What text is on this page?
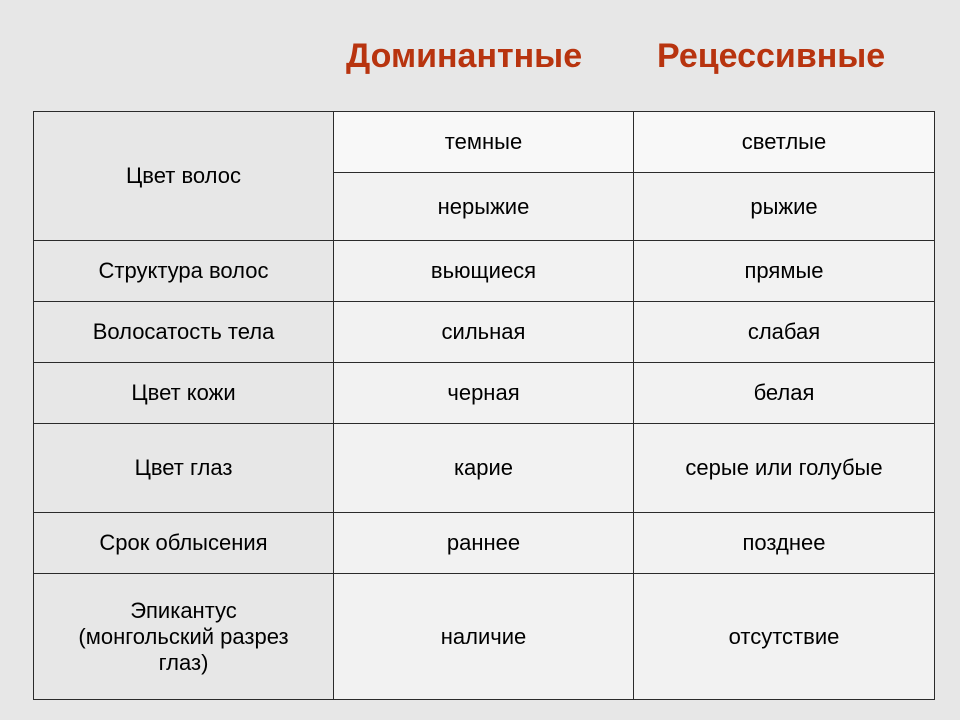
Доминантные Рецессивные
Цвет волос	темные	светлые
	нерыжие	рыжие
Структура волос	вьющиеся	прямые
Волосатость тела	сильная	слабая
Цвет кожи	черная	белая
Цвет глаз	карие	серые или голубые
Срок облысения	раннее	позднее

Эпикантус
(монгольский разрез
глаз)	наличие	отсутствие
